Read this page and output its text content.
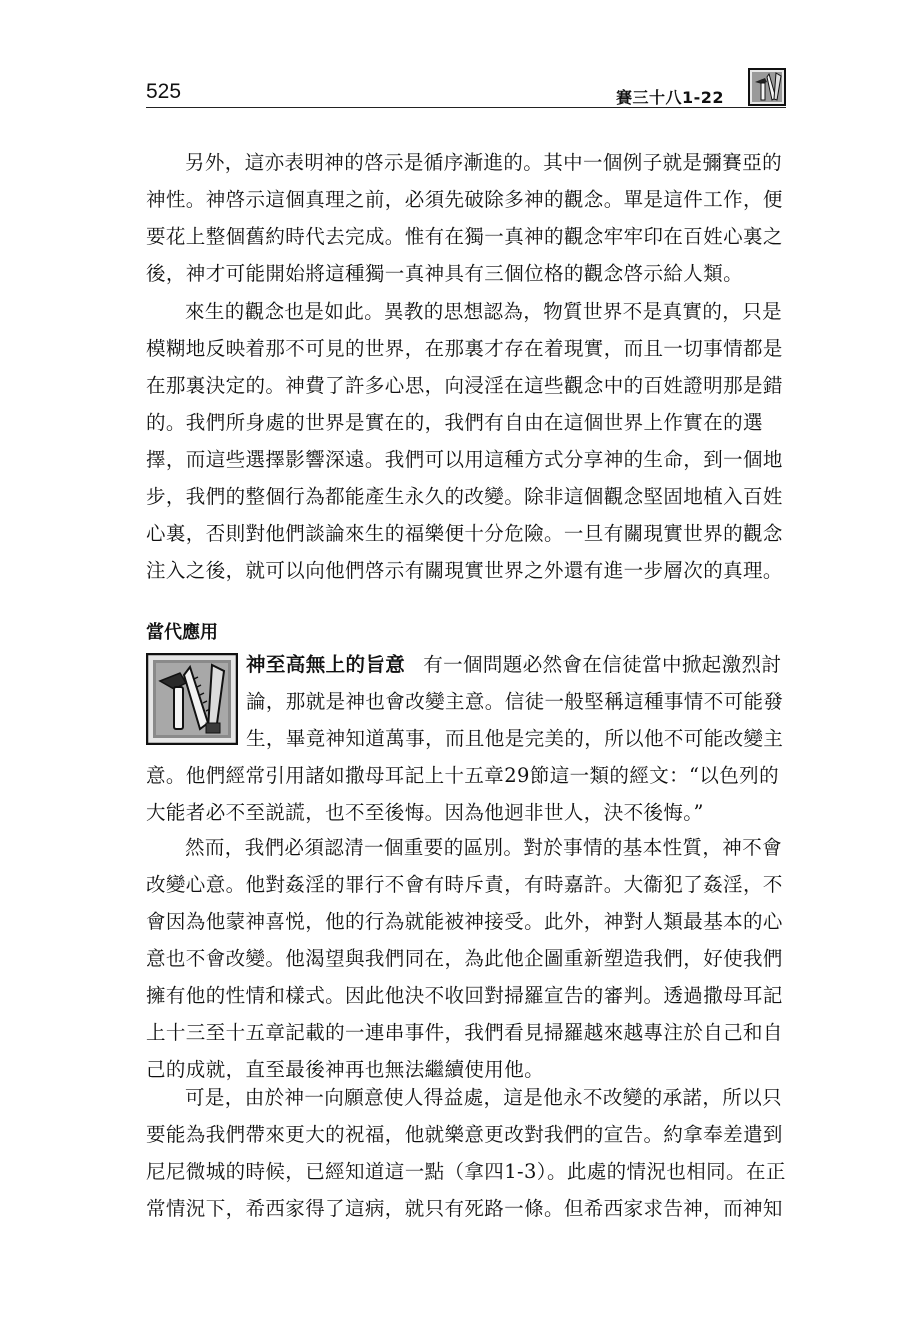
525	賽三十八1-22

另外，這亦表明神的啓示是循序漸進的。其中一個例子就是彌賽亞的神性。神啓示這個真理之前，必須先破除多神的觀念。單是這件工作，便要花上整個舊約時代去完成。惟有在獨一真神的觀念牢牢印在百姓心裏之後，神才可能開始將這種獨一真神具有三個位格的觀念啓示給人類。

來生的觀念也是如此。異教的思想認為，物質世界不是真實的，只是模糊地反映着那不可見的世界，在那裏才存在着現實，而且一切事情都是在那裏決定的。神費了許多心思，向浸淫在這些觀念中的百姓證明那是錯的。我們所身處的世界是實在的，我們有自由在這個世界上作實在的選擇，而這些選擇影響深遠。我們可以用這種方式分享神的生命，到一個地步，我們的整個行為都能產生永久的改變。除非這個觀念堅固地植入百姓心裏，否則對他們談論來生的福樂便十分危險。一旦有關現實世界的觀念注入之後，就可以向他們啓示有關現實世界之外還有進一步層次的真理。

當代應用

神至高無上的旨意 有一個問題必然會在信徒當中掀起激烈討論，那就是神也會改變主意。信徒一般堅稱這種事情不可能發生，畢竟神知道萬事，而且他是完美的，所以他不可能改變主

意。他們經常引用諸如撒母耳記上十五章29節這一類的經文：“以色列的大能者必不至説謊，也不至後悔。因為他迥非世人，決不後悔。”

然而，我們必須認清一個重要的區別。對於事情的基本性質，神不會改變心意。他對姦淫的罪行不會有時斥責，有時嘉許。大衞犯了姦淫，不會因為他蒙神喜悦，他的行為就能被神接受。此外，神對人類最基本的心意也不會改變。他渴望與我們同在，為此他企圖重新塑造我們，好使我們擁有他的性情和樣式。因此他決不收回對掃羅宣告的審判。透過撒母耳記上十三至十五章記載的一連串事件，我們看見掃羅越來越專注於自己和自己的成就，直至最後神再也無法繼續使用他。

可是，由於神一向願意使人得益處，這是他永不改變的承諾，所以只要能為我們帶來更大的祝福，他就樂意更改對我們的宣告。約拿奉差遣到尼尼微城的時候，已經知道這一點（拿四1-3）。此處的情況也相同。在正常情況下，希西家得了這病，就只有死路一條。但希西家求告神，而神知
